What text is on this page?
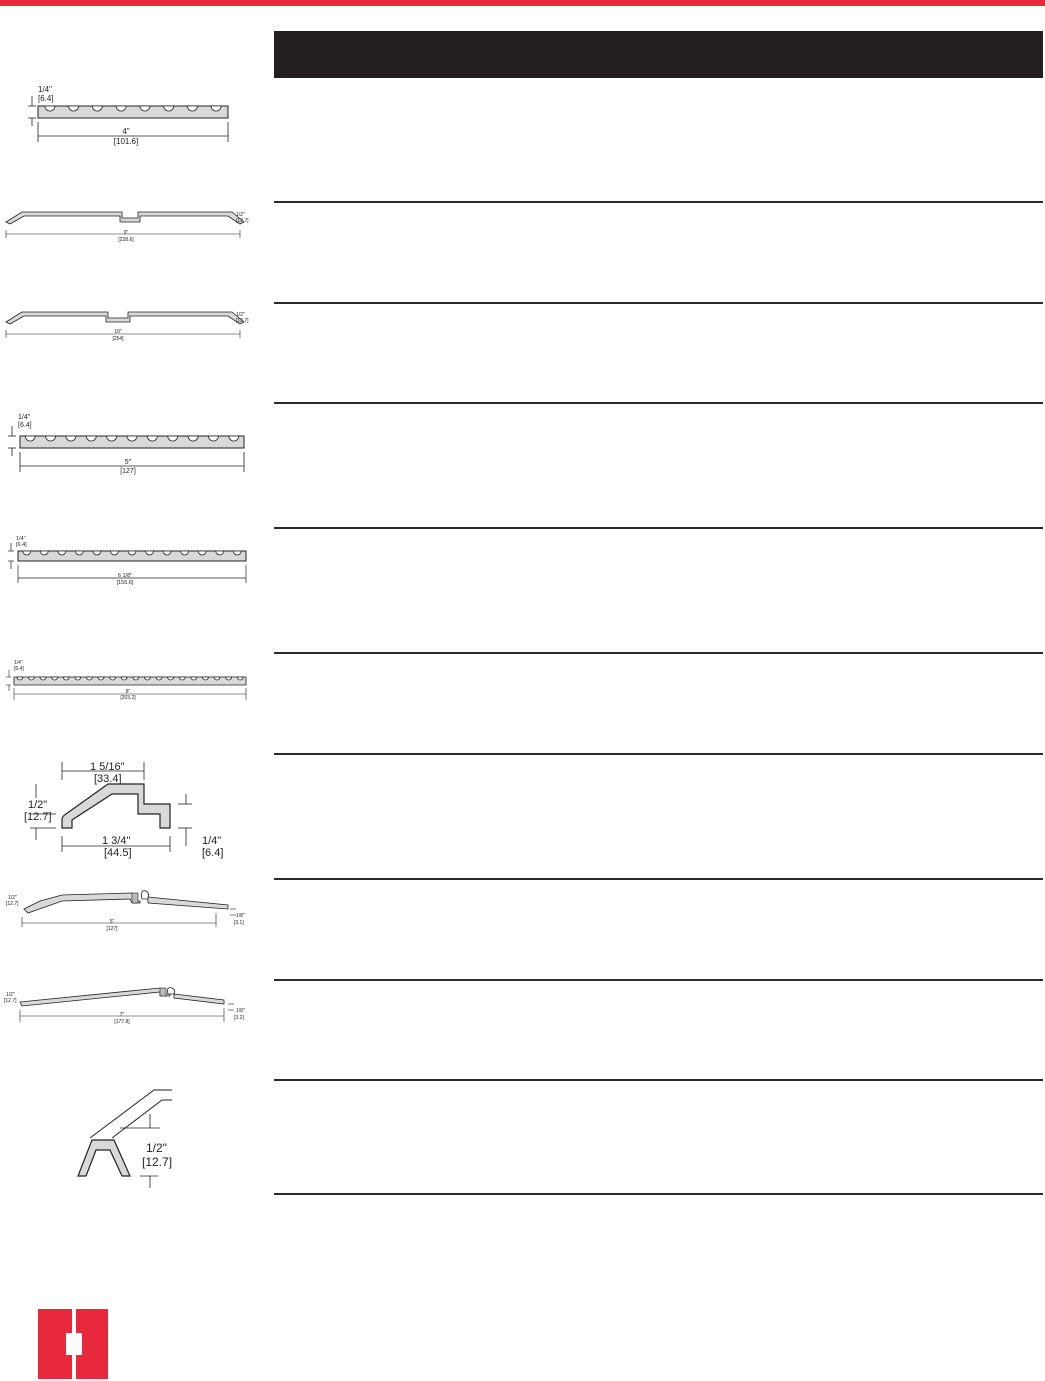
1/4"
[6.4]
4"
[101.6]
9"
[228.6]
1/2"
[12.7]
10"
[254]
1/2"
[12.7]
1/4"
[6.4]
5"
[127]
1/4"
[6.4]
6 1/8"
[155.6]
1/4"
[6.4]
8"
[203.2]
1 5/16"
[33.4]
1/2"
[12.7]
1 3/4"
[44.5]
1/4"
[6.4]
1/2"
[12.7]
5"
[127]
1/8"
[3.1]
1/2"
[12.7]
7"
[177.8]
1/8"
[3.2]
1/2"
[12.7]
